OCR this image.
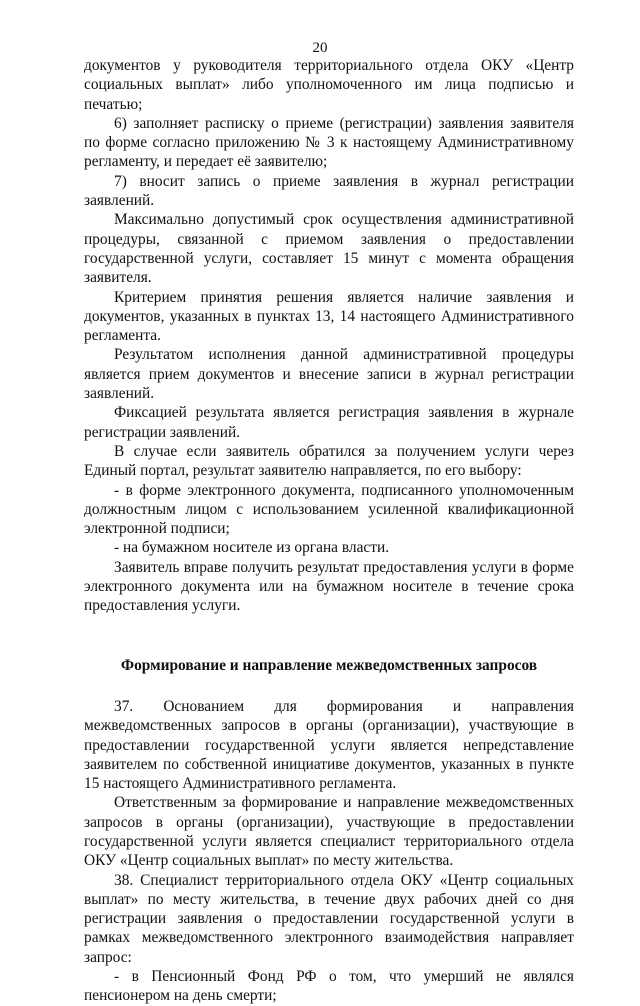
20

документов у руководителя территориального отдела ОКУ «Центр социальных выплат» либо уполномоченного им лица подписью и печатью;

6) заполняет расписку о приеме (регистрации) заявления заявителя по форме согласно приложению № 3 к настоящему Административному регламенту, и передает её заявителю;

7) вносит запись о приеме заявления в журнал регистрации заявлений.

Максимально допустимый срок осуществления административной процедуры, связанной с приемом заявления о предоставлении государственной услуги, составляет 15 минут с момента обращения заявителя.

Критерием принятия решения является наличие заявления и документов, указанных в пунктах 13, 14 настоящего Административного регламента.

Результатом исполнения данной административной процедуры является прием документов и внесение записи в журнал регистрации заявлений.

Фиксацией результата является регистрация заявления в журнале регистрации заявлений.

В случае если заявитель обратился за получением услуги через Единый портал, результат заявителю направляется, по его выбору:

- в форме электронного документа, подписанного уполномоченным должностным лицом с использованием усиленной квалификационной электронной подписи;

- на бумажном носителе из органа власти.

Заявитель вправе получить результат предоставления услуги в форме электронного документа или на бумажном носителе в течение срока предоставления услуги.

Формирование и направление межведомственных запросов

37. Основанием для формирования и направления межведомственных запросов в органы (организации), участвующие в предоставлении государственной услуги является непредставление заявителем по собственной инициативе документов, указанных в пункте 15 настоящего Административного регламента.

Ответственным за формирование и направление межведомственных запросов в органы (организации), участвующие в предоставлении государственной услуги является специалист территориального отдела ОКУ «Центр социальных выплат» по месту жительства.

38. Специалист территориального отдела ОКУ «Центр социальных выплат» по месту жительства, в течение двух рабочих дней со дня регистрации заявления о предоставлении государственной услуги в рамках межведомственного электронного взаимодействия направляет запрос:

- в Пенсионный Фонд РФ о том, что умерший не являлся пенсионером на день смерти;
